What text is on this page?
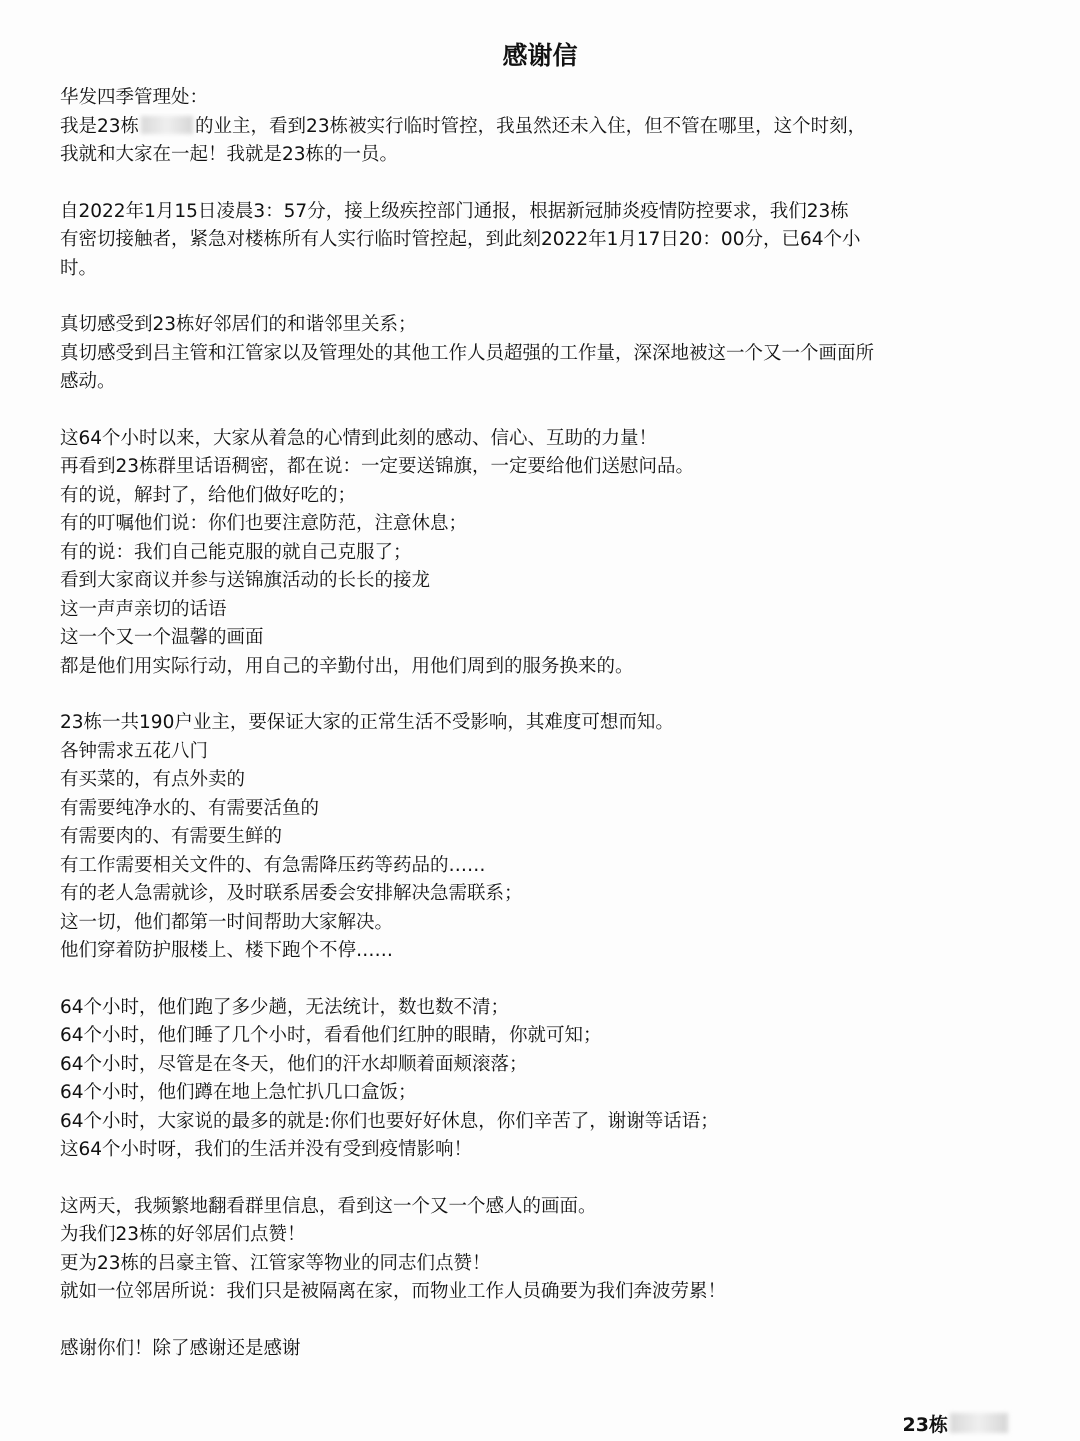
感谢信
华发四季管理处：
我是23栋	的业主，看到23栋被实行临时管控，我虽然还未入住，但不管在哪里，这个时刻，
我就和大家在一起！我就是23栋的一员。
自2022年1月15日凌晨3：57分，接上级疾控部门通报，根据新冠肺炎疫情防控要求，我们23栋
有密切接触者，紧急对楼栋所有人实行临时管控起，到此刻2022年1月17日20：00分，已64个小
时。
真切感受到23栋好邻居们的和谐邻里关系；
真切感受到吕主管和江管家以及管理处的其他工作人员超强的工作量，深深地被这一个又一个画面所
感动。
这64个小时以来，大家从着急的心情到此刻的感动、信心、互助的力量！
再看到23栋群里话语稠密，都在说：一定要送锦旗，一定要给他们送慰问品。
有的说，解封了，给他们做好吃的；
有的叮嘱他们说：你们也要注意防范，注意休息；
有的说：我们自己能克服的就自己克服了；
看到大家商议并参与送锦旗活动的长长的接龙
这一声声亲切的话语
这一个又一个温馨的画面
都是他们用实际行动，用自己的辛勤付出，用他们周到的服务换来的。
23栋一共190户业主，要保证大家的正常生活不受影响，其难度可想而知。
各钟需求五花八门
有买菜的，有点外卖的
有需要纯净水的、有需要活鱼的
有需要肉的、有需要生鲜的
有工作需要相关文件的、有急需降压药等药品的……
有的老人急需就诊，及时联系居委会安排解决急需联系；
这一切，他们都第一时间帮助大家解决。
他们穿着防护服楼上、楼下跑个不停……
64个小时，他们跑了多少趟，无法统计，数也数不清；
64个小时，他们睡了几个小时，看看他们红肿的眼睛，你就可知；
64个小时，尽管是在冬天，他们的汗水却顺着面颊滚落；
64个小时，他们蹲在地上急忙扒几口盒饭；
64个小时，大家说的最多的就是:你们也要好好休息，你们辛苦了，谢谢等话语；
这64个小时呀，我们的生活并没有受到疫情影响！
这两天，我频繁地翻看群里信息，看到这一个又一个感人的画面。
为我们23栋的好邻居们点赞！
更为23栋的吕豪主管、江管家等物业的同志们点赞！
就如一位邻居所说：我们只是被隔离在家，而物业工作人员确要为我们奔波劳累！
感谢你们！除了感谢还是感谢
23栋
